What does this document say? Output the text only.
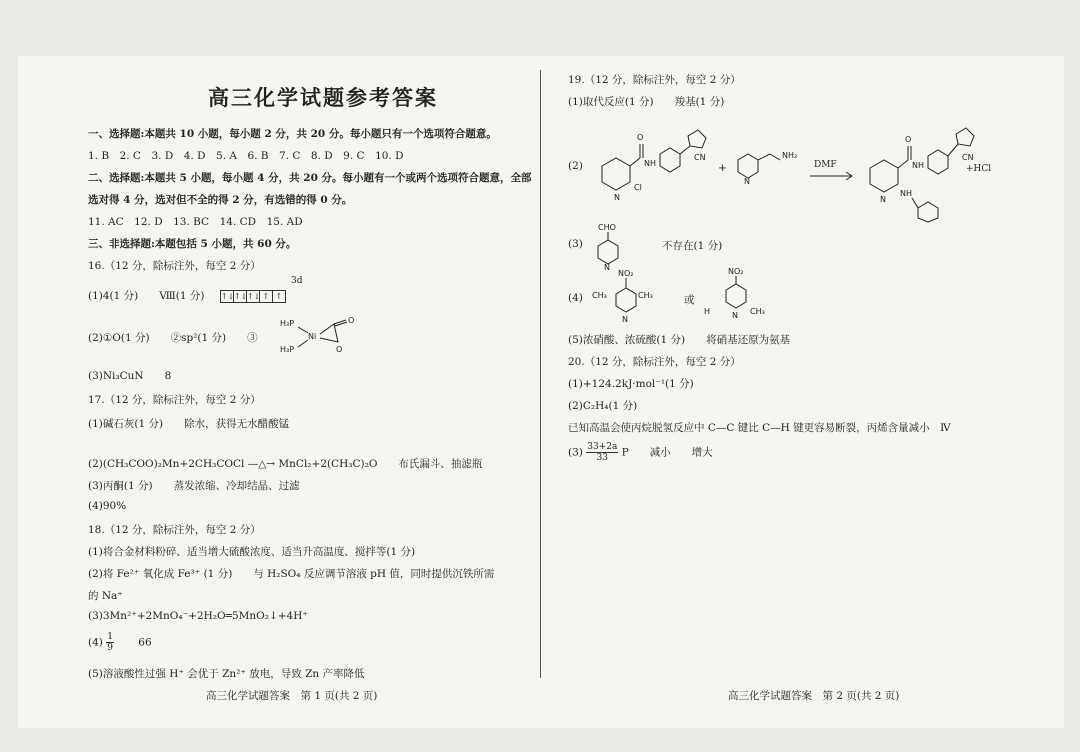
高三化学试题参考答案
一、选择题:本题共 10 小题，每小题 2 分，共 20 分。每小题只有一个选项符合题意。
1. B　2. C　3. D　4. D　5. A　6. B　7. C　8. D　9. C　10. D
二、选择题:本题共 5 小题，每小题 4 分，共 20 分。每小题有一个或两个选项符合题意，全部
选对得 4 分，选对但不全的得 2 分，有选错的得 0 分。
11. AC　12. D　13. BC　14. CD　15. AD
三、非选择题:本题包括 5 小题，共 60 分。
16.（12 分，除标注外，每空 2 分）
(1)4(1 分)　　Ⅷ(1 分) ↑↓ ↑↓ ↑↓ ↑ ↑
3d
(2)①O(1 分)　　②sp²(1 分)　　③
H₃P
H₃P
Ni
O
O
(3)Ni₃CuN　　8
17.（12 分，除标注外，每空 2 分）
(1)碱石灰(1 分)　　除水，获得无水醋酸锰
(2)(CH₃COO)₂Mn+2CH₃COCl —△→ MnCl₂+2(CH₃C)₂O　　布氏漏斗、抽滤瓶
(3)丙酮(1 分)　　蒸发浓缩、冷却结晶、过滤
(4)90%
18.（12 分，除标注外，每空 2 分）
(1)将合金材料粉碎、适当增大硫酸浓度、适当升高温度、搅拌等(1 分)
(2)将 Fe²⁺ 氧化成 Fe³⁺ (1 分)　　与 H₂SO₄ 反应调节溶液 pH 值，同时提供沉铁所需
的 Na⁺
(3)3Mn²⁺+2MnO₄⁻+2H₂O═5MnO₂↓+4H⁺
$(4) \frac{1}{9}$ 　　66
(5)溶液酸性过强 H⁺ 会优于 Zn²⁺ 放电，导致 Zn 产率降低
高三化学试题答案　第 1 页(共 2 页)
19.（12 分，除标注外，每空 2 分）
(1)取代反应(1 分)　　羧基(1 分)
(2)
O
NH
CN
N
Cl
+
NH₂
N
DMF
O
NH
CN
N
NH
+HCl
(3)
CHO
N
不存在(1 分)
(4)
NO₂
CH₃	CH₃
N
或
NO₂
H	N CH₃
(5)浓硝酸、浓硫酸(1 分)　　将硝基还原为氨基
20.（12 分，除标注外，每空 2 分）
(1)+124.2kJ·mol⁻¹(1 分)
(2)C₂H₄(1 分)
已知高温会使丙烷脱氢反应中 C—C 键比 C—H 键更容易断裂，丙烯含量减小　Ⅳ
$(3) \frac{33+2a}{33}$ P　　减小　　增大
高三化学试题答案　第 2 页(共 2 页)
